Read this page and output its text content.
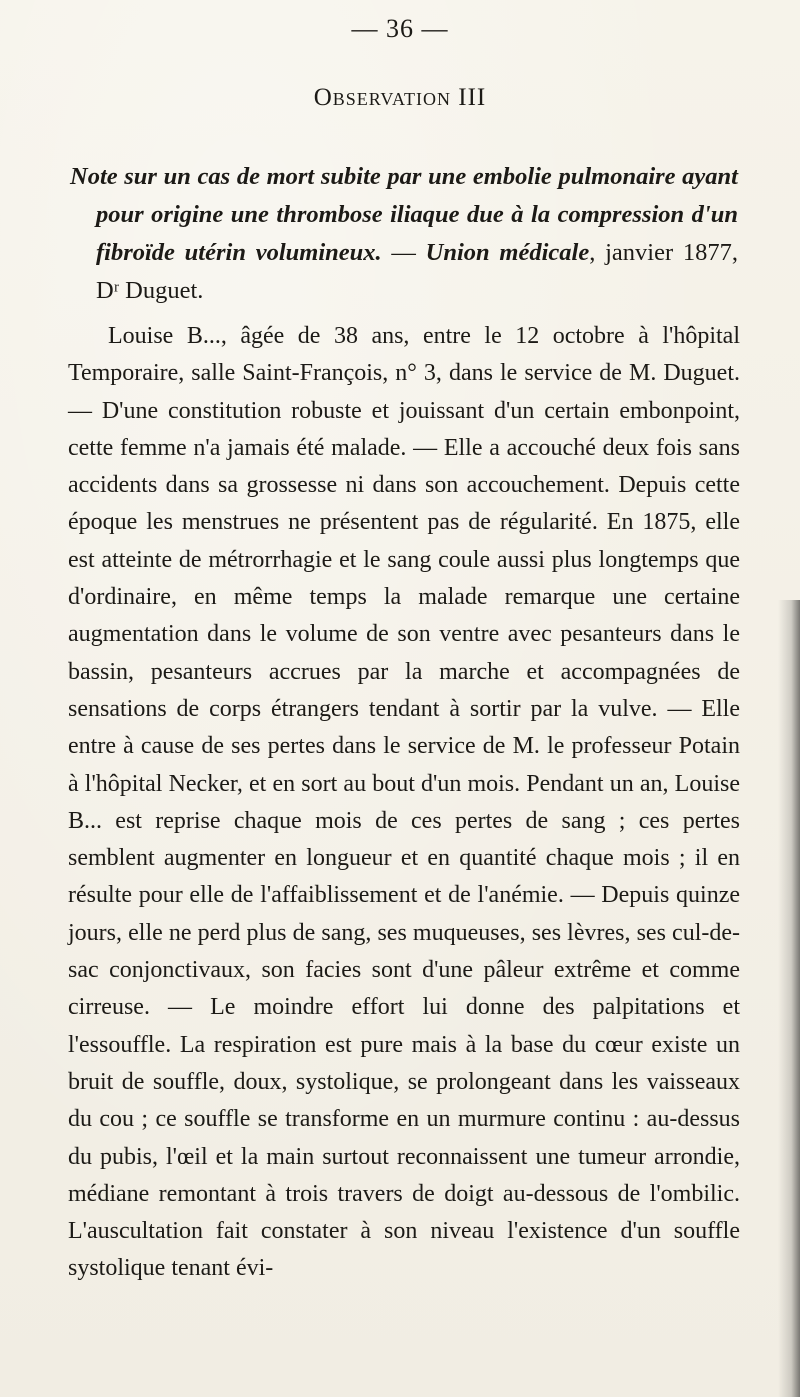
— 36 —
Observation III
Note sur un cas de mort subite par une embolie pulmonaire ayant pour origine une thrombose iliaque due à la compression d'un fibroïde utérin volumineux. — Union médicale, janvier 1877, Dʳ Duguet.
Louise B..., âgée de 38 ans, entre le 12 octobre à l'hôpital Temporaire, salle Saint-François, n° 3, dans le service de M. Duguet. — D'une constitution robuste et jouissant d'un certain embonpoint, cette femme n'a jamais été malade. — Elle a accouché deux fois sans accidents dans sa grossesse ni dans son accouchement. Depuis cette époque les menstrues ne présentent pas de régularité. En 1875, elle est atteinte de métrorrhagie et le sang coule aussi plus longtemps que d'ordinaire, en même temps la malade remarque une certaine augmentation dans le volume de son ventre avec pesanteurs dans le bassin, pesanteurs accrues par la marche et accompagnées de sensations de corps étrangers tendant à sortir par la vulve. — Elle entre à cause de ses pertes dans le service de M. le professeur Potain à l'hôpital Necker, et en sort au bout d'un mois. Pendant un an, Louise B... est reprise chaque mois de ces pertes de sang ; ces pertes semblent augmenter en longueur et en quantité chaque mois ; il en résulte pour elle de l'affaiblissement et de l'anémie. — Depuis quinze jours, elle ne perd plus de sang, ses muqueuses, ses lèvres, ses cul-de-sac conjonctivaux, son facies sont d'une pâleur extrême et comme cirreuse. — Le moindre effort lui donne des palpitations et l'essouffle. La respiration est pure mais à la base du cœur existe un bruit de souffle, doux, systolique, se prolongeant dans les vaisseaux du cou ; ce souffle se transforme en un murmure continu : au-dessus du pubis, l'œil et la main surtout reconnaissent une tumeur arrondie, médiane remontant à trois travers de doigt au-dessous de l'ombilic. L'auscultation fait constater à son niveau l'existence d'un souffle systolique tenant évi-
